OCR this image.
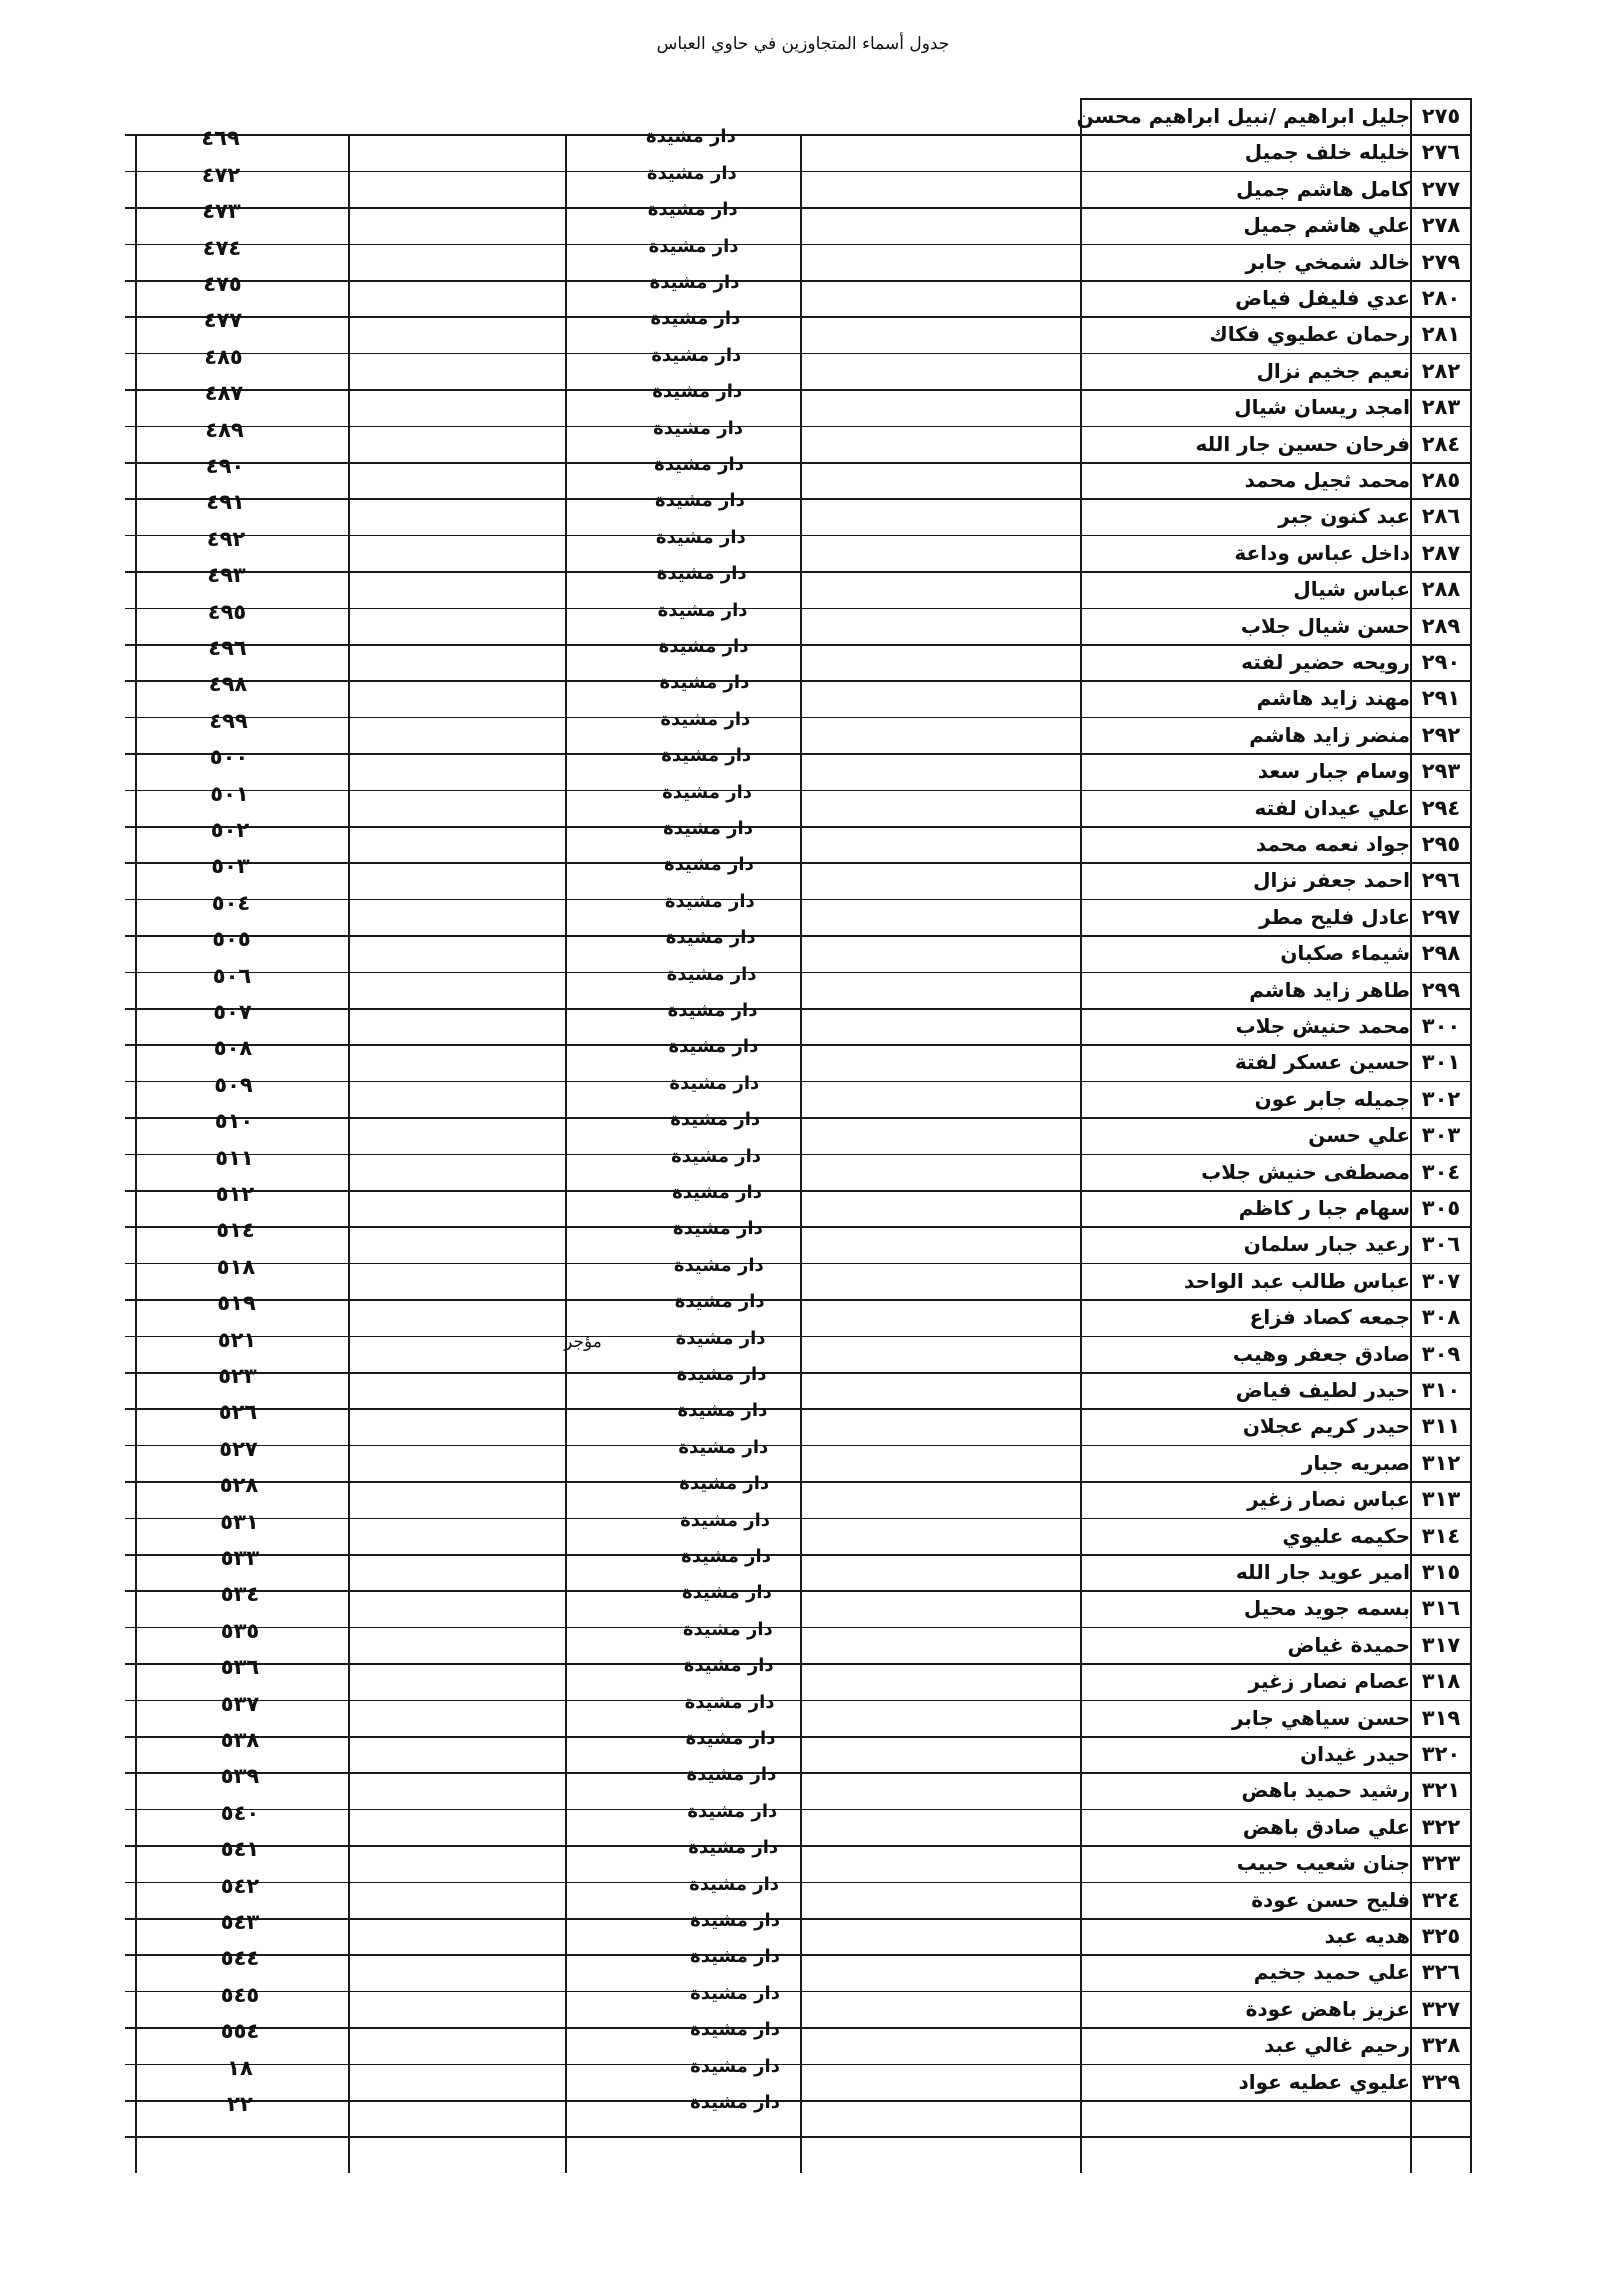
جدول أسماء المتجاوزين في حاوي العباس
٢٧٥
جليل ابراهيم /نبيل ابراهيم محسن
٢٧٦
خليله خلف جميل
دار مشيدة
٤٦٩
٢٧٧
كامل هاشم جميل
دار مشيدة
٤٧٢
٢٧٨
علي هاشم جميل
دار مشيدة
٤٧٣
٢٧٩
خالد شمخي جابر
دار مشيدة
٤٧٤
٢٨٠
عدي فليفل فياض
دار مشيدة
٤٧٥
٢٨١
رحمان عطيوي فكاك
دار مشيدة
٤٧٧
٢٨٢
نعيم جخيم نزال
دار مشيدة
٤٨٥
٢٨٣
امجد ريسان شيال
دار مشيدة
٤٨٧
٢٨٤
فرحان حسين جار الله
دار مشيدة
٤٨٩
٢٨٥
محمد ثجيل محمد
دار مشيدة
٤٩٠
٢٨٦
عبد كنون جبر
دار مشيدة
٤٩١
٢٨٧
داخل عباس وداعة
دار مشيدة
٤٩٢
٢٨٨
عباس شيال
دار مشيدة
٤٩٣
٢٨٩
حسن شيال جلاب
دار مشيدة
٤٩٥
٢٩٠
رويحه حضير لفته
دار مشيدة
٤٩٦
٢٩١
مهند زايد هاشم
دار مشيدة
٤٩٨
٢٩٢
منضر زايد هاشم
دار مشيدة
٤٩٩
٢٩٣
وسام جبار سعد
دار مشيدة
٥٠٠
٢٩٤
علي عيدان لفته
دار مشيدة
٥٠١
٢٩٥
جواد نعمه محمد
دار مشيدة
٥٠٢
٢٩٦
احمد جعفر نزال
دار مشيدة
٥٠٣
٢٩٧
عادل فليح مطر
دار مشيدة
٥٠٤
٢٩٨
شيماء صكبان
دار مشيدة
٥٠٥
٢٩٩
طاهر زايد هاشم
دار مشيدة
٥٠٦
٣٠٠
محمد حنيش جلاب
دار مشيدة
٥٠٧
٣٠١
حسين عسكر لفتة
دار مشيدة
٥٠٨
٣٠٢
جميله جابر عون
دار مشيدة
٥٠٩
٣٠٣
علي حسن
دار مشيدة
٥١٠
٣٠٤
مصطفى حنيش جلاب
دار مشيدة
٥١١
٣٠٥
سهام جبا ر كاظم
دار مشيدة
٥١٢
٣٠٦
رعيد جبار سلمان
دار مشيدة
٥١٤
٣٠٧
عباس طالب عبد الواحد
دار مشيدة
٥١٨
٣٠٨
جمعه كصاد فزاع
دار مشيدة
٥١٩
٣٠٩
صادق جعفر وهيب
دار مشيدة
مؤجر
٥٢١
٣١٠
حيدر لطيف فياض
دار مشيدة
٥٢٣
٣١١
حيدر كريم عجلان
دار مشيدة
٥٢٦
٣١٢
صبريه جبار
دار مشيدة
٥٢٧
٣١٣
عباس نصار زغير
دار مشيدة
٥٢٨
٣١٤
حكيمه عليوي
دار مشيدة
٥٣١
٣١٥
امير عويد جار الله
دار مشيدة
٥٣٣
٣١٦
بسمه جويد محيل
دار مشيدة
٥٣٤
٣١٧
حميدة غياض
دار مشيدة
٥٣٥
٣١٨
عصام نصار زغير
دار مشيدة
٥٣٦
٣١٩
حسن سياهي جابر
دار مشيدة
٥٣٧
٣٢٠
حيدر غيدان
دار مشيدة
٥٣٨
٣٢١
رشيد حميد باهض
دار مشيدة
٥٣٩
٣٢٢
علي صادق باهض
دار مشيدة
٥٤٠
٣٢٣
جنان شعيب حبيب
دار مشيدة
٥٤١
٣٢٤
فليح حسن عودة
دار مشيدة
٥٤٢
٣٢٥
هديه عبد
دار مشيدة
٥٤٣
٣٢٦
علي حميد جخيم
دار مشيدة
٥٤٤
٣٢٧
عزيز باهض عودة
دار مشيدة
٥٤٥
٣٢٨
رحيم غالي عبد
دار مشيدة
٥٥٤
٣٢٩
عليوي عطيه عواد
دار مشيدة
١٨
دار مشيدة
٢٢
